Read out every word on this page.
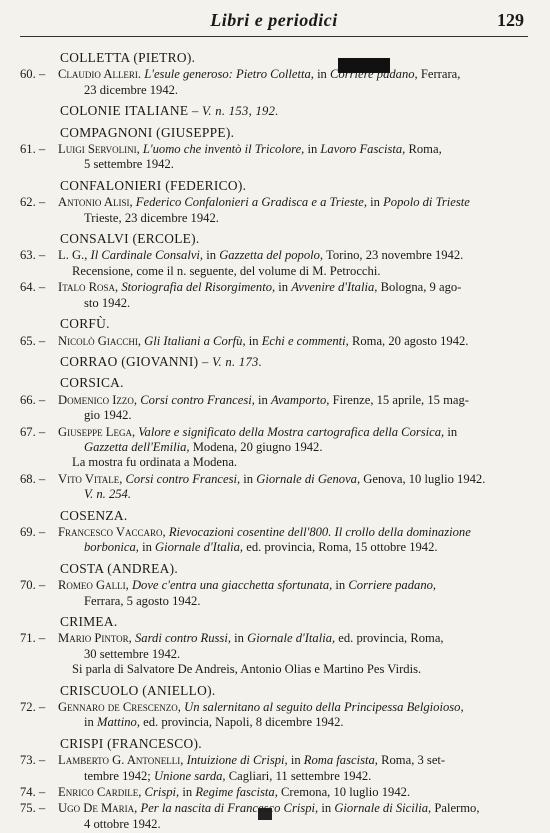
Libri e periodici	129
COLLETTA (PIETRO).
60. –	Claudio Alleri. L'esule generoso: Pietro Colletta, in Corriere padano, Ferrara,
23 dicembre 1942.
COLONIE ITALIANE – V. n. 153, 192.
COMPAGNONI (GIUSEPPE).
61. –	Luigi Servolini, L'uomo che inventò il Tricolore, in Lavoro Fascista, Roma,
5 settembre 1942.
CONFALONIERI (FEDERICO).
62. –	Antonio Alisi, Federico Confalonieri a Gradisca e a Trieste, in Popolo di Trieste
Trieste, 23 dicembre 1942.
CONSALVI (ERCOLE).
63. –	L. G., Il Cardinale Consalvi, in Gazzetta del popolo, Torino, 23 novembre 1942.
Recensione, come il n. seguente, del volume di M. Petrocchi.
64. –	Italo Rosa, Storiografia del Risorgimento, in Avvenire d'Italia, Bologna, 9 ago-
sto 1942.
CORFÙ.
65. –	Nicolò Giacchi, Gli Italiani a Corfù, in Echi e commenti, Roma, 20 agosto 1942.
CORRAO (GIOVANNI) – V. n. 173.
CORSICA.
66. –	Domenico Izzo, Corsi contro Francesi, in Avamporto, Firenze, 15 aprile, 15 mag-
gio 1942.
67. –	Giuseppe Lega, Valore e significato della Mostra cartografica della Corsica, in
Gazzetta dell'Emilia, Modena, 20 giugno 1942.
La mostra fu ordinata a Modena.
68. –	Vito Vitale, Corsi contro Francesi, in Giornale di Genova, Genova, 10 luglio 1942.
V. n. 254.
COSENZA.
69. –	Francesco Vaccaro, Rievocazioni cosentine dell'800. Il crollo della dominazione
borbonica, in Giornale d'Italia, ed. provincia, Roma, 15 ottobre 1942.
COSTA (ANDREA).
70. –	Romeo Galli, Dove c'entra una giacchetta sfortunata, in Corriere padano,
Ferrara, 5 agosto 1942.
CRIMEA.
71. –	Mario Pintor, Sardi contro Russi, in Giornale d'Italia, ed. provincia, Roma,
30 settembre 1942.
Si parla di Salvatore De Andreis, Antonio Olias e Martino Pes Virdis.
CRISCUOLO (ANIELLO).
72. –	Gennaro de Crescenzo, Un salernitano al seguito della Principessa Belgioioso,
in Mattino, ed. provincia, Napoli, 8 dicembre 1942.
CRISPI (FRANCESCO).
73. –	Lamberto G. Antonelli, Intuizione di Crispi, in Roma fascista, Roma, 3 set-
tembre 1942; Unione sarda, Cagliari, 11 settembre 1942.
74. –	Enrico Cardile, Crispi, in Regime fascista, Cremona, 10 luglio 1942.
75. –	Ugo De Maria, Per la nascita di Francesco Crispi, in Giornale di Sicilia, Palermo,
4 ottobre 1942.
